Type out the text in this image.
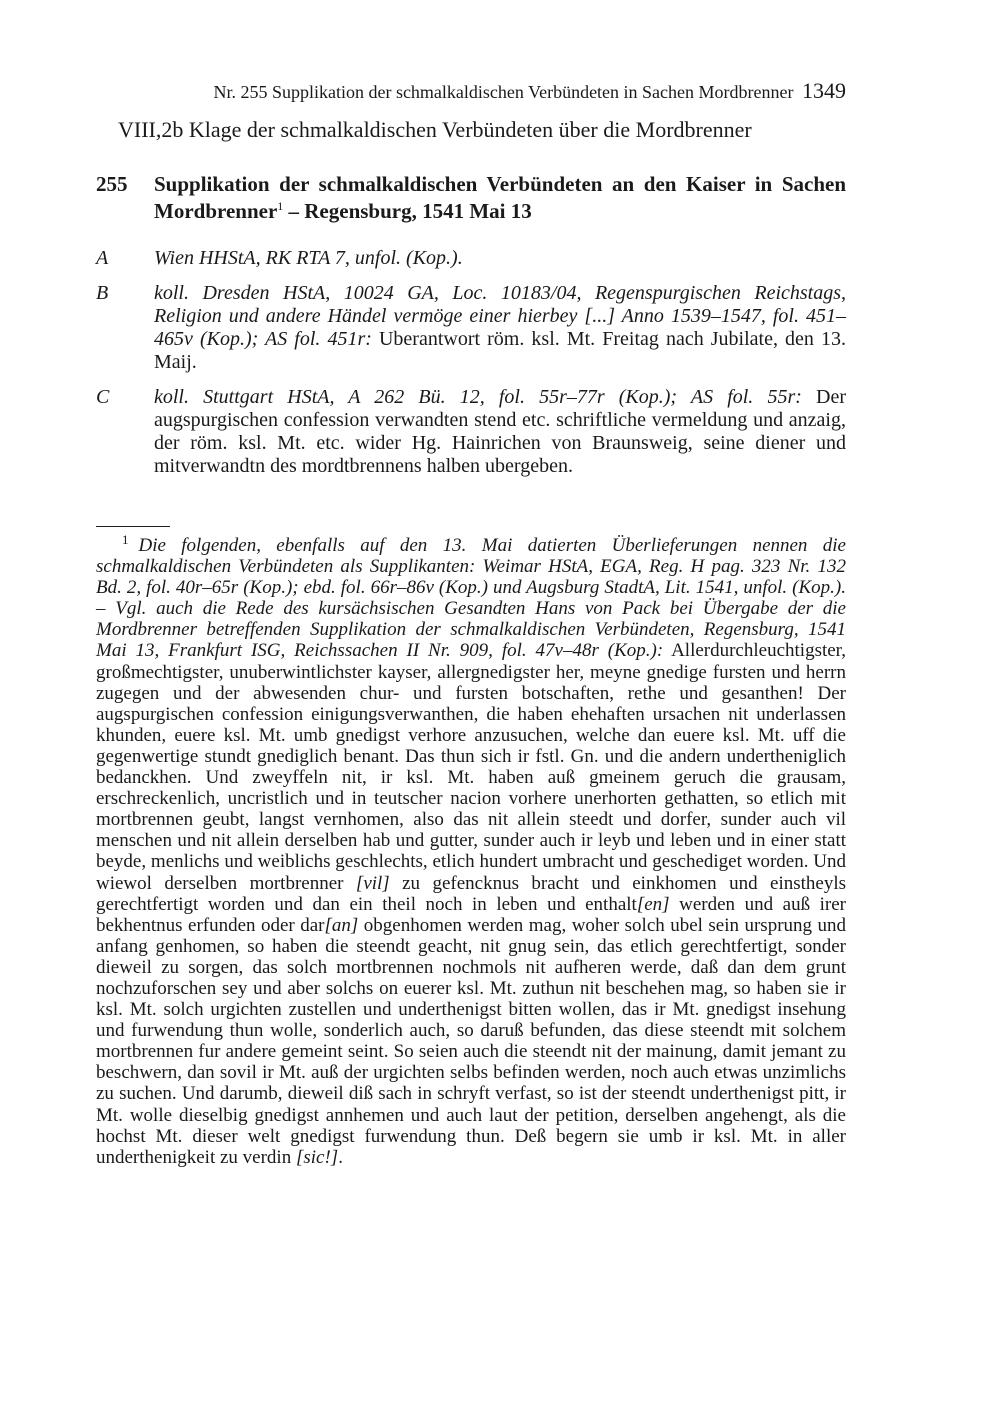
Nr. 255 Supplikation der schmalkaldischen Verbündeten in Sachen Mordbrenner 1349
VIII,2b Klage der schmalkaldischen Verbündeten über die Mordbrenner
255	Supplikation der schmalkaldischen Verbündeten an den Kaiser in Sachen Mordbrenner$^1$ – Regensburg, 1541 Mai 13
A	Wien HHStA, RK RTA 7, unfol. (Kop.).
B	koll. Dresden HStA, 10024 GA, Loc. 10183/04, Regenspurgischen Reichstags, Religion und andere Händel vermöge einer hierbey [...] Anno 1539–1547, fol. 451–465v (Kop.); AS fol. 451r: Uberantwort röm. ksl. Mt. Freitag nach Jubilate, den 13. Maij.
C	koll. Stuttgart HStA, A 262 Bü. 12, fol. 55r–77r (Kop.); AS fol. 55r: Der augspurgischen confession verwandten stend etc. schriftliche vermeldung und anzaig, der röm. ksl. Mt. etc. wider Hg. Hainrichen von Braunsweig, seine diener und mitverwandtn des mordtbrennens halben ubergeben.
$^1$ Die folgenden, ebenfalls auf den 13. Mai datierten Überlieferungen nennen die schmalkaldischen Verbündeten als Supplikanten: Weimar HStA, EGA, Reg. H pag. 323 Nr. 132 Bd. 2, fol. 40r–65r (Kop.); ebd. fol. 66r–86v (Kop.) und Augsburg StadtA, Lit. 1541, unfol. (Kop.). – Vgl. auch die Rede des kursächsischen Gesandten Hans von Pack bei Übergabe der die Mordbrenner betreffenden Supplikation der schmalkaldischen Verbündeten, Regensburg, 1541 Mai 13, Frankfurt ISG, Reichssachen II Nr. 909, fol. 47v–48r (Kop.): Allerdurchleuchtigster, großmechtigster, unuberwintlichster kayser, allergnedigster her, meyne gnedige fursten und herrn zugegen und der abwesenden chur- und fursten botschaften, rethe und gesanthen! Der augspurgischen confession einigungsverwanthen, die haben ehehaften ursachen nit underlassen khunden, euere ksl. Mt. umb gnedigst verhore anzusuchen, welche dan euere ksl. Mt. uff die gegenwertige stundt gnediglich benant. Das thun sich ir fstl. Gn. und die andern undertheniglich bedanckhen. Und zweyffeln nit, ir ksl. Mt. haben auß gmeinem geruch die grausam, erschreckenlich, uncristlich und in teutscher nacion vorhere unerhorten gethatten, so etlich mit mortbrennen geubt, langst vernhomen, also das nit allein steedt und dorfer, sunder auch vil menschen und nit allein derselben hab und gutter, sunder auch ir leyb und leben und in einer statt beyde, menlichs und weiblichs geschlechts, etlich hundert umbracht und geschediget worden. Und wiewol derselben mortbrenner [vil] zu gefencknus bracht und einkhomen und einstheyls gerechtfertigt worden und dan ein theil noch in leben und enthalt[en] werden und auß irer bekhentnus erfunden oder dar[an] obgenhomen werden mag, woher solch ubel sein ursprung und anfang genhomen, so haben die steendt geacht, nit gnug sein, das etlich gerechtfertigt, sonder dieweil zu sorgen, das solch mortbrennen nochmols nit aufheren werde, daß dan dem grunt nochzuforschen sey und aber solchs on euerer ksl. Mt. zuthun nit beschehen mag, so haben sie ir ksl. Mt. solch urgichten zustellen und underthenigst bitten wollen, das ir Mt. gnedigst insehung und furwendung thun wolle, sonderlich auch, so daruß befunden, das diese steendt mit solchem mortbrennen fur andere gemeint seint. So seien auch die steendt nit der mainung, damit jemant zu beschwern, dan sovil ir Mt. auß der urgichten selbs befinden werden, noch auch etwas unzimlichs zu suchen. Und darumb, dieweil diß sach in schryft verfast, so ist der steendt underthenigst pitt, ir Mt. wolle dieselbig gnedigst annhemen und auch laut der petition, derselben angehengt, als die hochst Mt. dieser welt gnedigst furwendung thun. Deß begern sie umb ir ksl. Mt. in aller underthenigkeit zu verdin [sic!].
